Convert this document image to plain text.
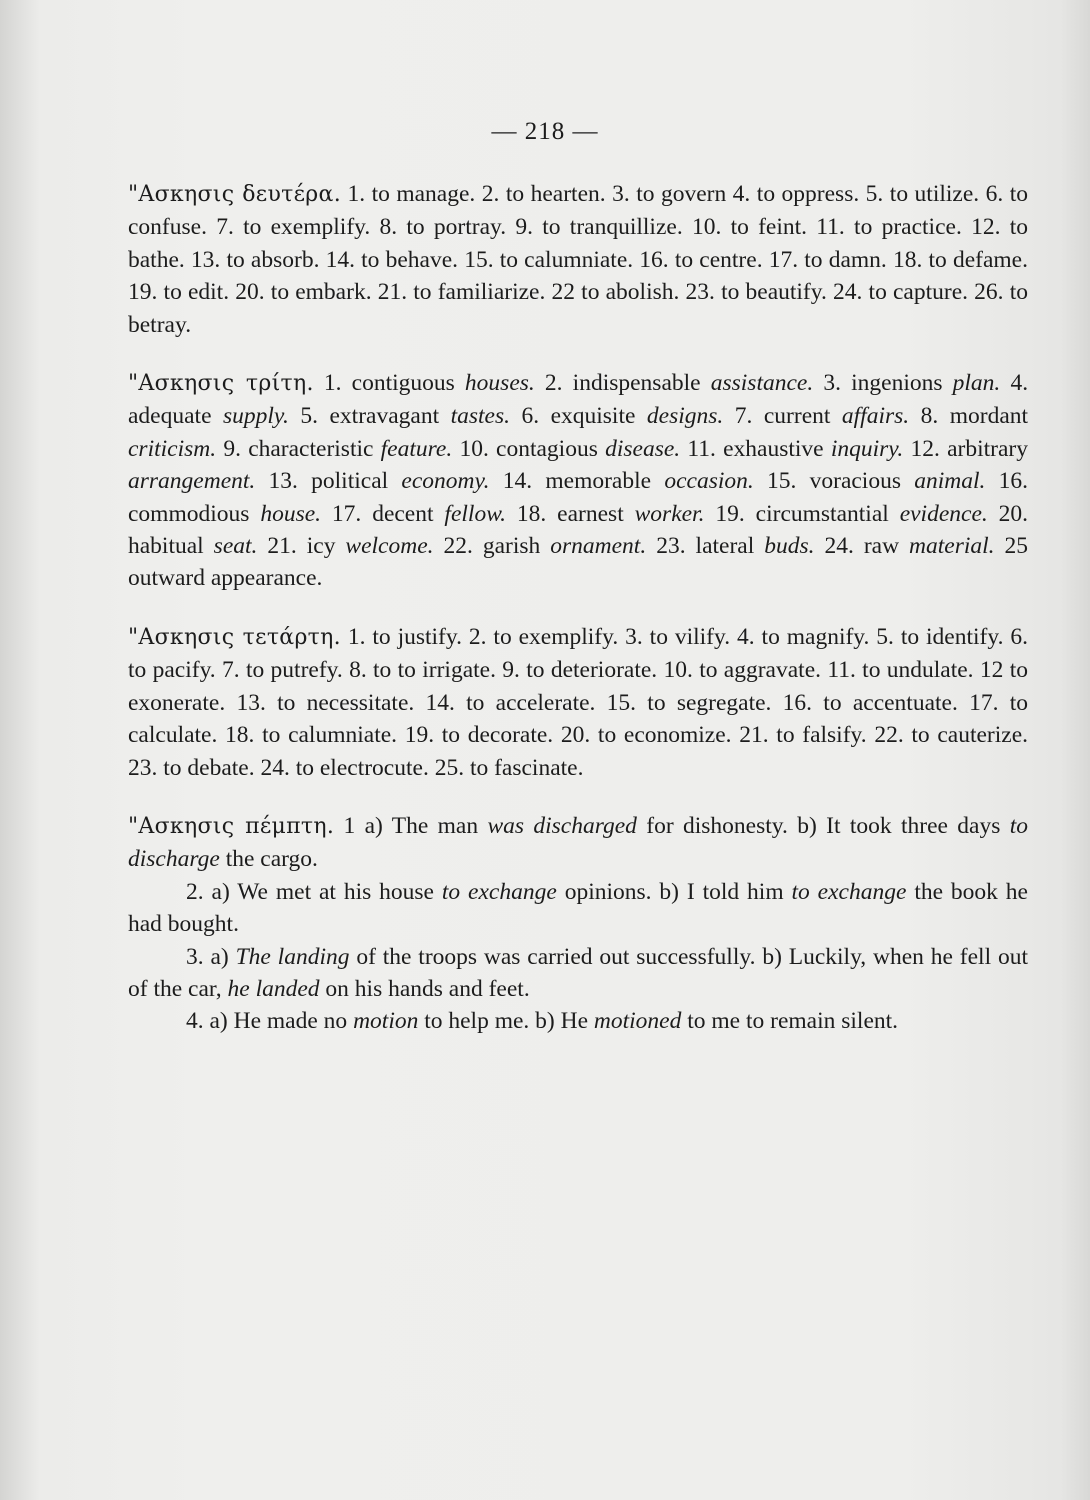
— 218 —

"Ασκησις δευτέρα. 1. to manage. 2. to hearten. 3. to govern 4. to oppress. 5. to utilize. 6. to confuse. 7. to exemplify. 8. to portray. 9. to tranquillize. 10. to feint. 11. to practice. 12. to bathe. 13. to absorb. 14. to behave. 15. to calumniate. 16. to centre. 17. to damn. 18. to defame. 19. to edit. 20. to embark. 21. to familiarize. 22 to abolish. 23. to beautify. 24. to capture. 26. to betray.

"Ασκησις τρίτη. 1. contiguous houses. 2. indispensable assistance. 3. ingenions plan. 4. adequate supply. 5. extravagant tastes. 6. exquisite designs. 7. current affairs. 8. mordant criticism. 9. characteristic feature. 10. contagious disease. 11. exhaustive inquiry. 12. arbitrary arrangement. 13. political economy. 14. memorable occasion. 15. voracious animal. 16. commodious house. 17. decent fellow. 18. earnest worker. 19. circumstantial evidence. 20. habitual seat. 21. icy welcome. 22. garish ornament. 23. lateral buds. 24. raw material. 25 outward appearance.

"Ασκησις τετάρτη. 1. to justify. 2. to exemplify. 3. to vilify. 4. to magnify. 5. to identify. 6. to pacify. 7. to putrefy. 8. to to irrigate. 9. to deteriorate. 10. to aggravate. 11. to undulate. 12 to exonerate. 13. to necessitate. 14. to accelerate. 15. to segregate. 16. to accentuate. 17. to calculate. 18. to calumniate. 19. to decorate. 20. to economize. 21. to falsify. 22. to cauterize. 23. to debate. 24. to electrocute. 25. to fascinate.

"Ασκησις πέμπτη. 1 a) The man was discharged for dishonesty. b) It took three days to discharge the cargo.

2. a) We met at his house to exchange opinions. b) I told him to exchange the book he had bought.

3. a) The landing of the troops was carried out successfully. b) Luckily, when he fell out of the car, he landed on his hands and feet.

4. a) He made no motion to help me. b) He motioned to me to remain silent.
